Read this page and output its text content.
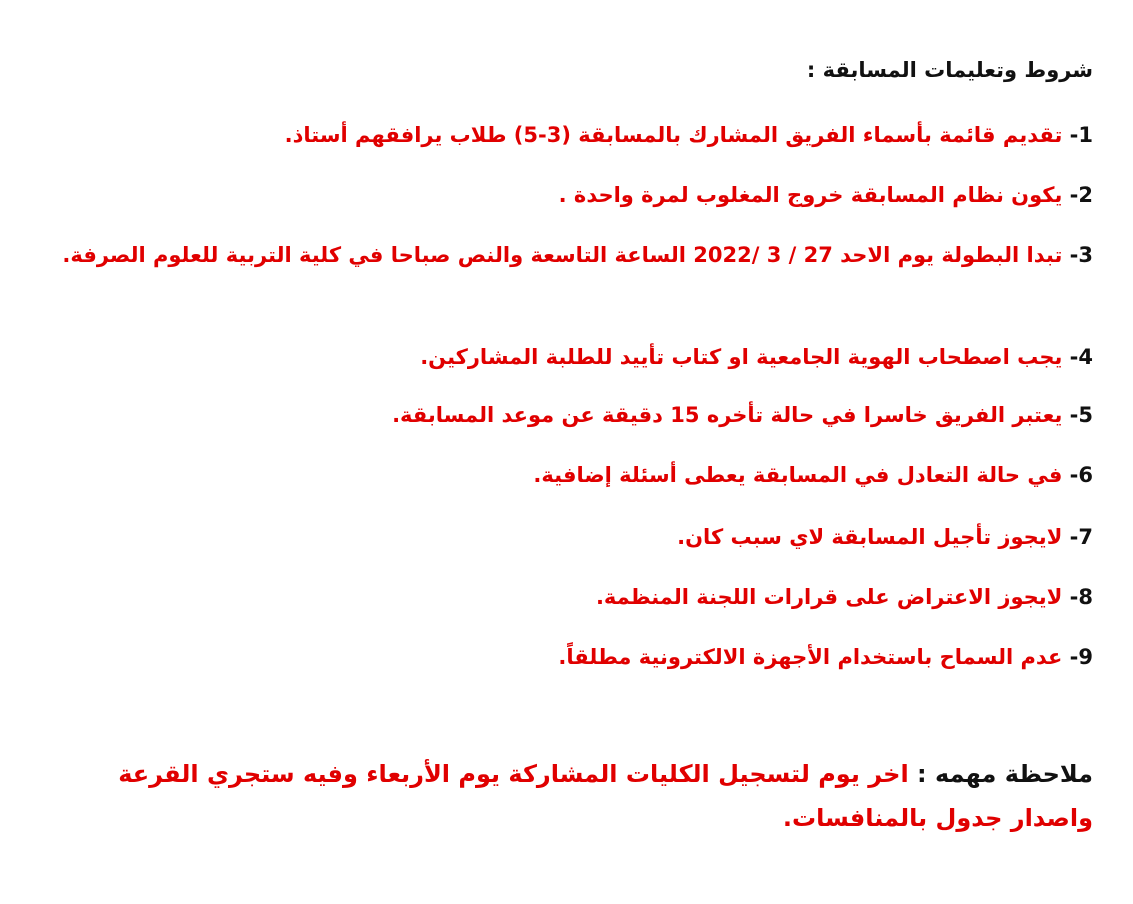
شروط وتعليمات المسابقة :
1- تقديم قائمة بأسماء الفريق المشارك بالمسابقة (3-5) طلاب يرافقهم أستاذ.
2- يكون نظام المسابقة خروج المغلوب لمرة واحدة .
3- تبدا البطولة يوم الاحد 27 / 3 /2022 الساعة التاسعة والنص صباحا في كلية التربية للعلوم الصرفة.
4- يجب اصطحاب الهوية الجامعية او كتاب تأييد للطلبة المشاركين.
5- يعتبر الفريق خاسرا في حالة تأخره 15 دقيقة عن موعد المسابقة.
6- في حالة التعادل في المسابقة يعطى أسئلة إضافية.
7- لايجوز تأجيل المسابقة لاي سبب كان.
8- لايجوز الاعتراض على قرارات اللجنة المنظمة.
9- عدم السماح باستخدام الأجهزة الالكترونية مطلقاً.
ملاحظة مهمه : اخر يوم لتسجيل الكليات المشاركة يوم الأربعاء وفيه ستجري القرعة واصدار جدول بالمنافسات.
